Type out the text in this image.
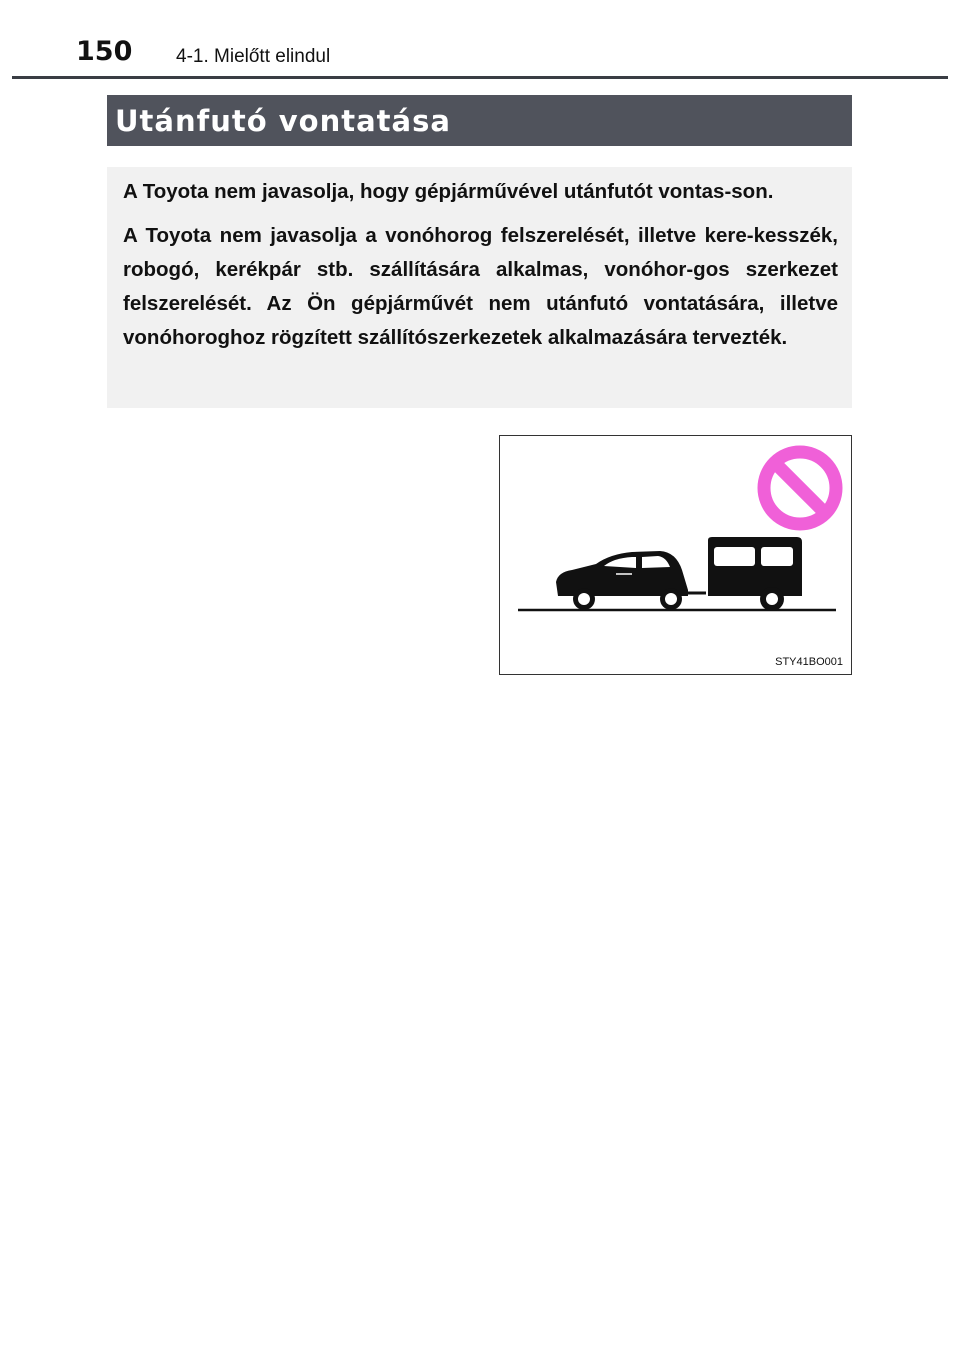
150 4-1. Mielőtt elindul
Utánfutó vontatása

A Toyota nem javasolja, hogy gépjárművével utánfutót vontas-son.

A Toyota nem javasolja a vonóhorog felszerelését, illetve kere-kesszék, robogó, kerékpár stb. szállítására alkalmas, vonóhor-gos szerkezet felszerelését. Az Ön gépjárművét nem utánfutó vontatására, illetve vonóhoroghoz rögzített szállítószerkezetek alkalmazására tervezték.

STY41BO001
